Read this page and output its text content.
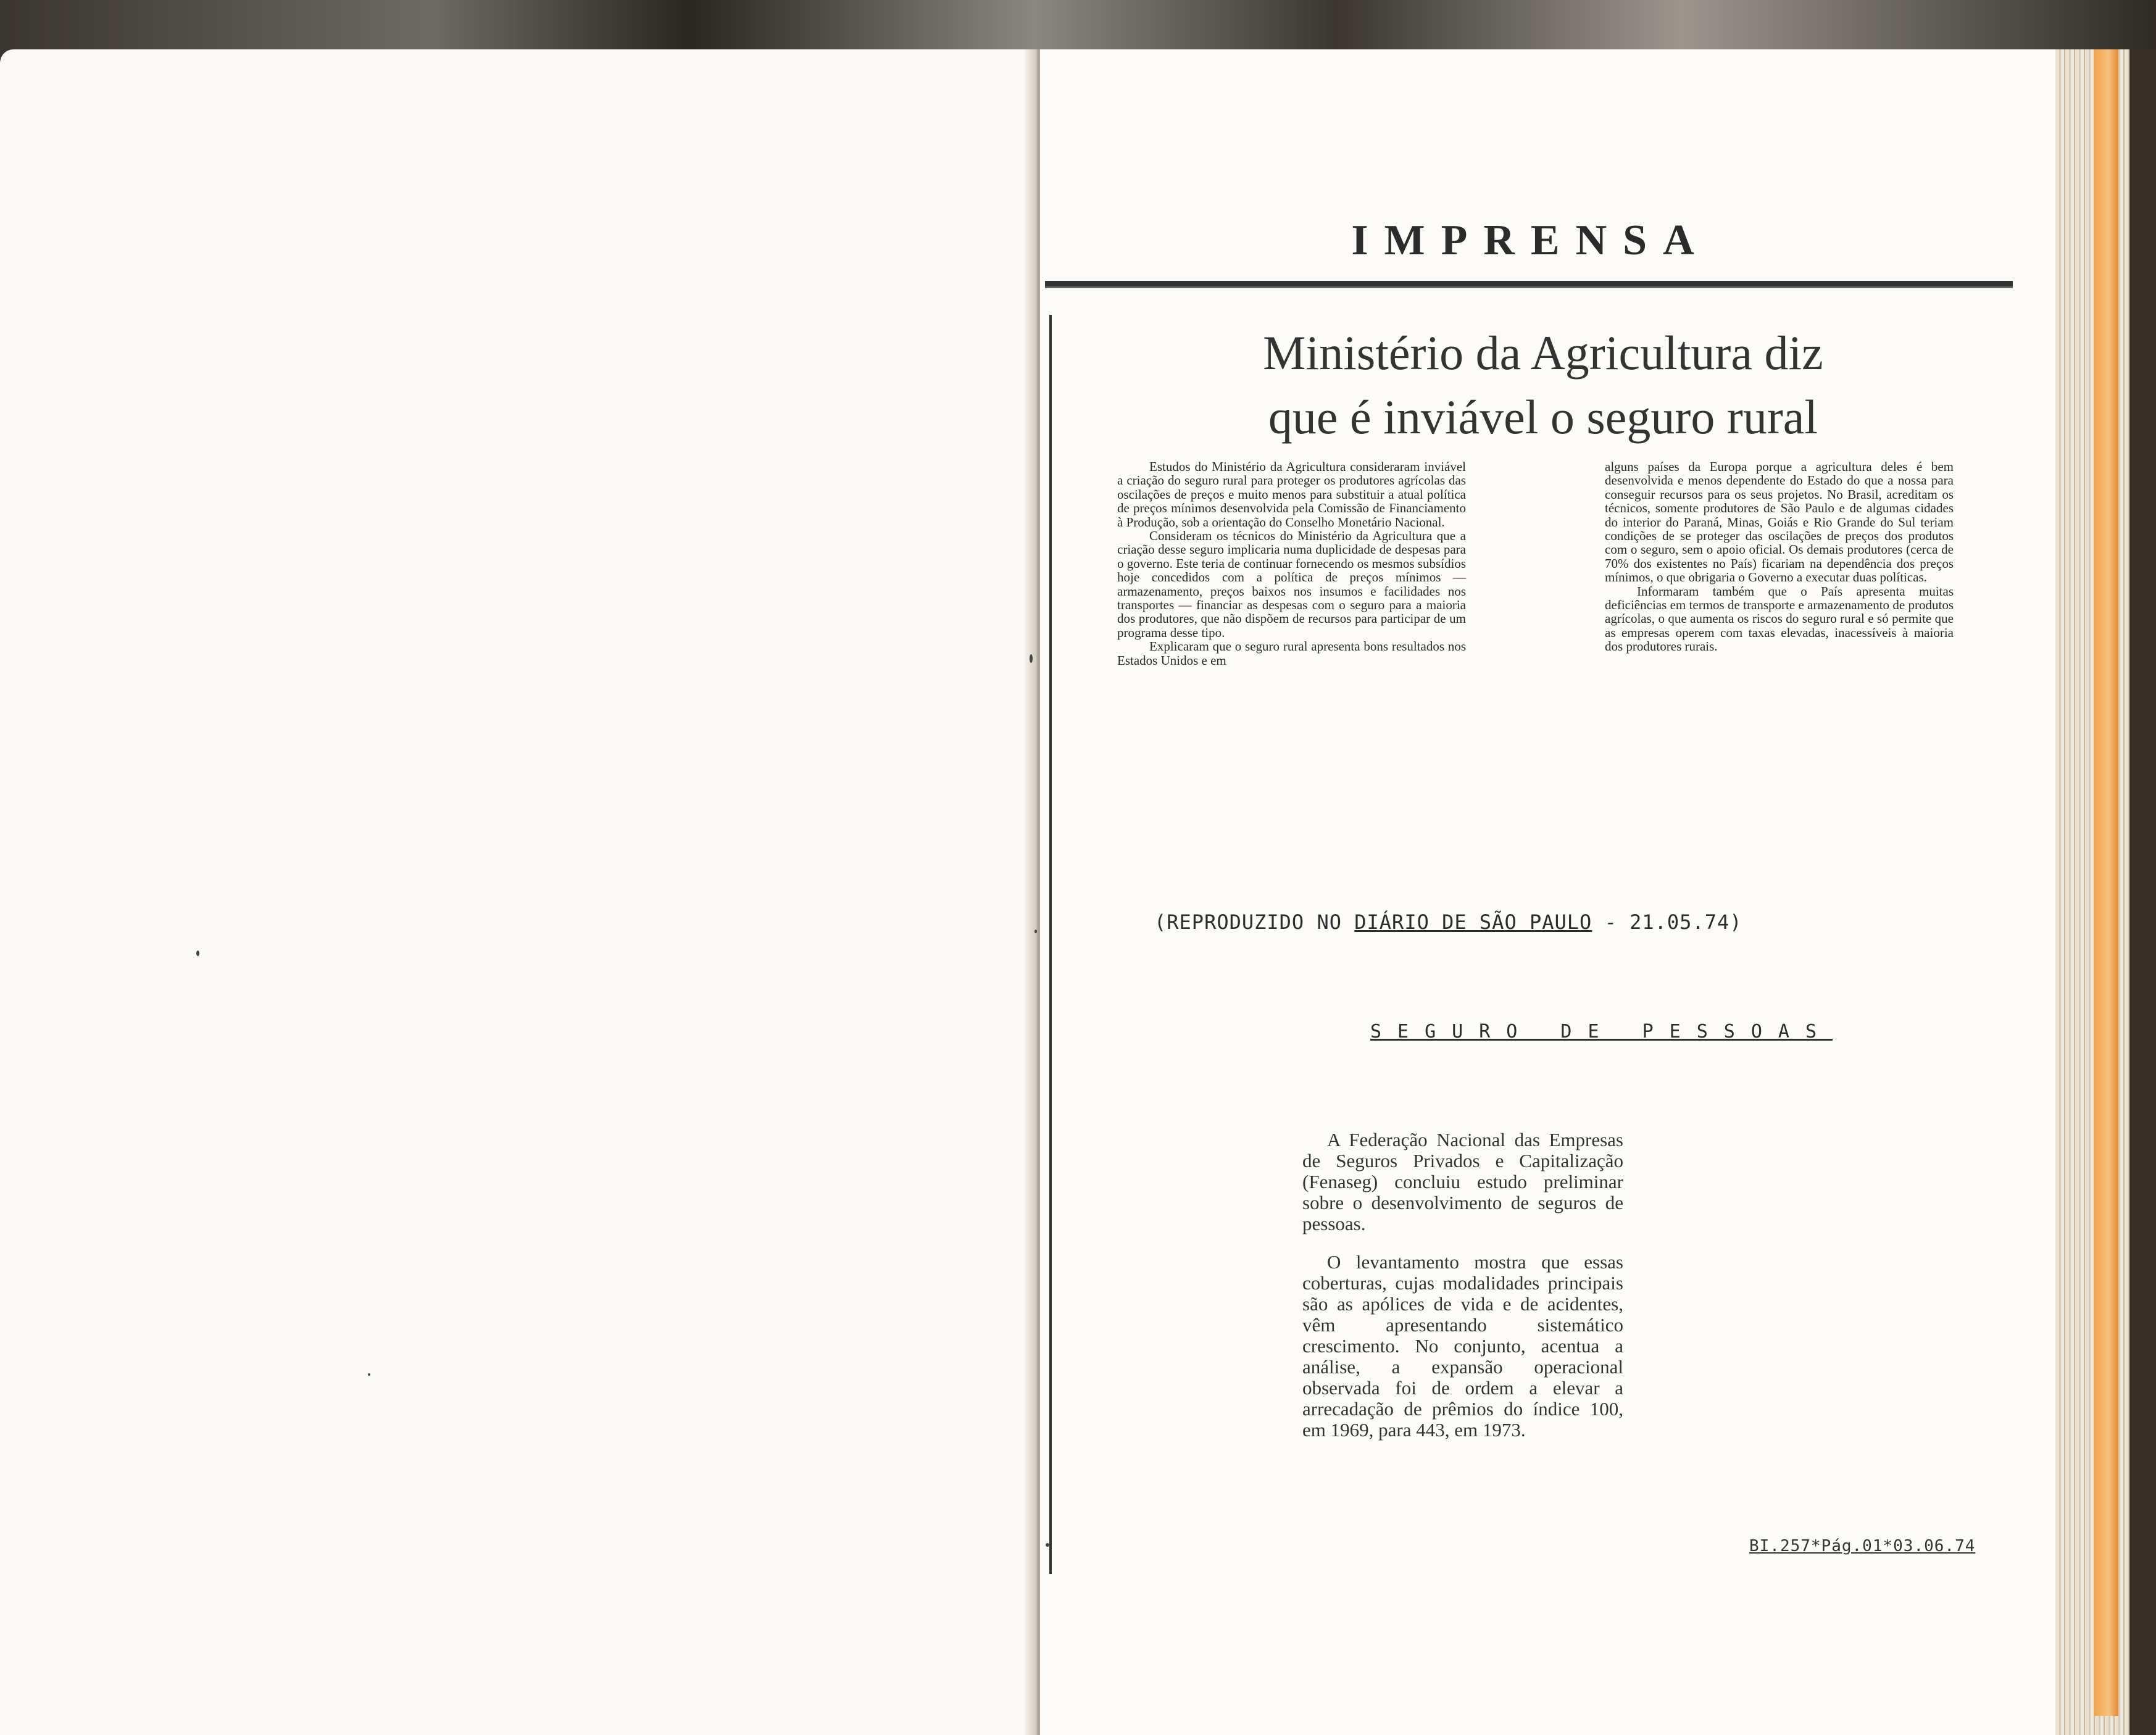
IMPRENSA
Ministério da Agricultura diz
que é inviável o seguro rural

Estudos do Ministério da Agricultura consideraram inviável a criação do seguro rural para proteger os produtores agrícolas das oscilações de preços e muito menos para substituir a atual política de preços mínimos desenvolvida pela Comissão de Financiamento à Produção, sob a orientação do Conselho Monetário Nacional.

Consideram os técnicos do Ministério da Agricultura que a criação desse seguro implicaria numa duplicidade de despesas para o governo. Este teria de continuar fornecendo os mesmos subsídios hoje concedidos com a política de preços mínimos — armazenamento, preços baixos nos insumos e facilidades nos transportes — financiar as despesas com o seguro para a maioria dos produtores, que não dispõem de recursos para participar de um programa desse tipo.

Explicaram que o seguro rural apresenta bons resultados nos Estados Unidos e em

alguns países da Europa porque a agricultura deles é bem desenvolvida e menos dependente do Estado do que a nossa para conseguir recursos para os seus projetos. No Brasil, acreditam os técnicos, somente produtores de São Paulo e de algumas cidades do interior do Paraná, Minas, Goiás e Rio Grande do Sul teriam condições de se proteger das oscilações de preços dos produtos com o seguro, sem o apoio oficial. Os demais produtores (cerca de 70% dos existentes no País) ficariam na dependência dos preços mínimos, o que obrigaria o Governo a executar duas políticas.

Informaram também que o País apresenta muitas deficiências em termos de transporte e armazenamento de produtos agrícolas, o que aumenta os riscos do seguro rural e só permite que as empresas operem com taxas elevadas, inacessíveis à maioria dos produtores rurais.

(REPRODUZIDO NO DIÁRIO DE SÃO PAULO - 21.05.74)
SEGURO DE PESSOAS

A Federação Nacional das Empresas de Seguros Privados e Capitalização (Fenaseg) concluiu estudo preliminar sobre o desenvolvimento de seguros de pessoas.

O levantamento mostra que essas coberturas, cujas modalidades principais são as apólices de vida e de acidentes, vêm apresentando sistemático crescimento. No conjunto, acentua a análise, a expansão operacional observada foi de ordem a elevar a arrecadação de prêmios do índice 100, em 1969, para 443, em 1973.

BI.257*Pág.01*03.06.74
